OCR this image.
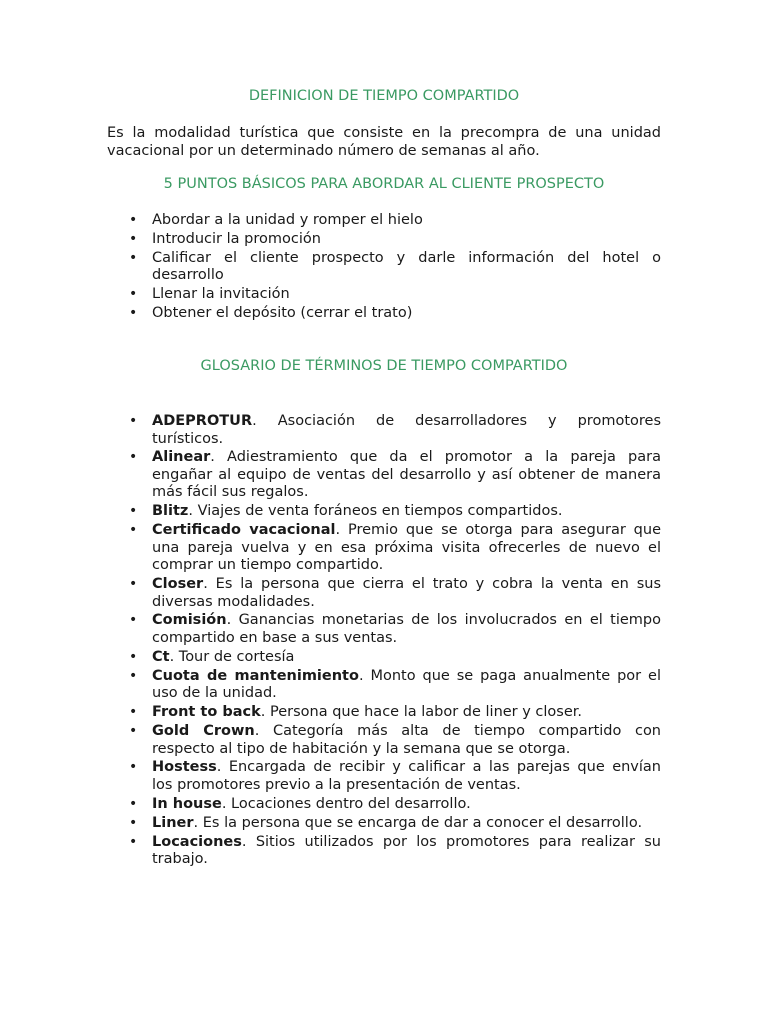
DEFINICION DE TIEMPO COMPARTIDO

Es la modalidad turística que consiste en la precompra de una unidad
vacacional por un determinado número de semanas al año.

5 PUNTOS BÁSICOS PARA ABORDAR AL CLIENTE PROSPECTO
• Abordar a la unidad y romper el hielo
• Introducir la promoción
• Calificar el cliente prospecto y darle información del hotel o
desarrollo
• Llenar la invitación
• Obtener el depósito (cerrar el trato)
GLOSARIO DE TÉRMINOS DE TIEMPO COMPARTIDO
• ADEPROTUR. Asociación de desarrolladores y promotores
turísticos.
• Alinear. Adiestramiento que da el promotor a la pareja para
engañar al equipo de ventas del desarrollo y así obtener de manera más fácil sus regalos.
• Blitz. Viajes de venta foráneos en tiempos compartidos.
• Certificado vacacional. Premio que se otorga para asegurar que
una pareja vuelva y en esa próxima visita ofrecerles de nuevo el comprar un tiempo compartido.
• Closer. Es la persona que cierra el trato y cobra la venta en sus
diversas modalidades.
• Comisión. Ganancias monetarias de los involucrados en el tiempo
compartido en base a sus ventas.
• Ct. Tour de cortesía
• Cuota de mantenimiento. Monto que se paga anualmente por el
uso de la unidad.
• Front to back. Persona que hace la labor de liner y closer.
• Gold Crown. Categoría más alta de tiempo compartido con
respecto al tipo de habitación y la semana que se otorga.
• Hostess. Encargada de recibir y calificar a las parejas que envían
los promotores previo a la presentación de ventas.
• In house. Locaciones dentro del desarrollo.
• Liner. Es la persona que se encarga de dar a conocer el desarrollo.
• Locaciones. Sitios utilizados por los promotores para realizar su
trabajo.
